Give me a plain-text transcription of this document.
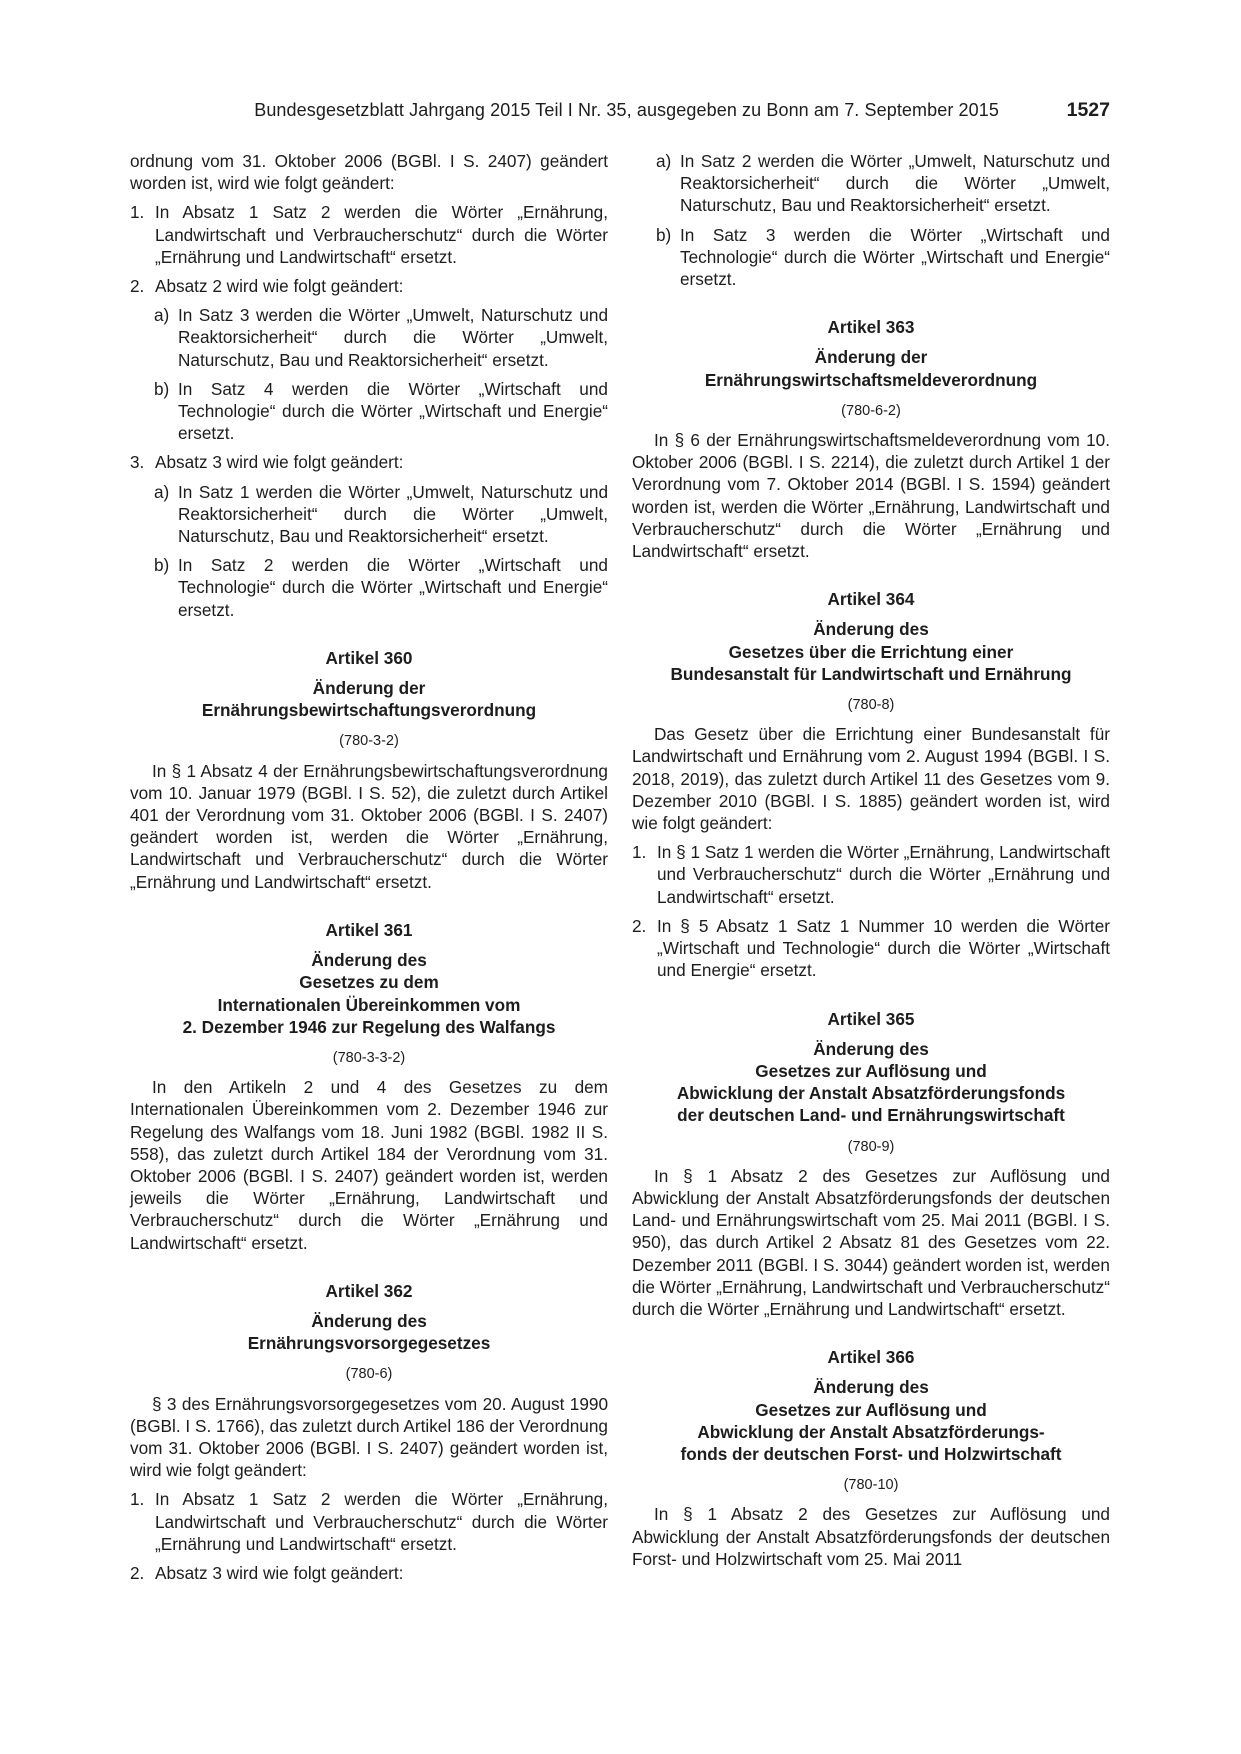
Bundesgesetzblatt Jahrgang 2015 Teil I Nr. 35, ausgegeben zu Bonn am 7. September 2015	1527

ordnung vom 31. Oktober 2006 (BGBl. I S. 2407) geändert worden ist, wird wie folgt geändert:

1. In Absatz 1 Satz 2 werden die Wörter „Ernährung, Landwirtschaft und Verbraucherschutz“ durch die Wörter „Ernährung und Landwirtschaft“ ersetzt.
2. Absatz 2 wird wie folgt geändert:
a) In Satz 3 werden die Wörter „Umwelt, Naturschutz und Reaktorsicherheit“ durch die Wörter „Umwelt, Naturschutz, Bau und Reaktorsicherheit“ ersetzt.
b) In Satz 4 werden die Wörter „Wirtschaft und Technologie“ durch die Wörter „Wirtschaft und Energie“ ersetzt.
3. Absatz 3 wird wie folgt geändert:
a) In Satz 1 werden die Wörter „Umwelt, Naturschutz und Reaktorsicherheit“ durch die Wörter „Umwelt, Naturschutz, Bau und Reaktorsicherheit“ ersetzt.
b) In Satz 2 werden die Wörter „Wirtschaft und Technologie“ durch die Wörter „Wirtschaft und Energie“ ersetzt.
Artikel 360
Änderung der
Ernährungsbewirtschaftungsverordnung
(780-3-2)

In § 1 Absatz 4 der Ernährungsbewirtschaftungsverordnung vom 10. Januar 1979 (BGBl. I S. 52), die zuletzt durch Artikel 401 der Verordnung vom 31. Oktober 2006 (BGBl. I S. 2407) geändert worden ist, werden die Wörter „Ernährung, Landwirtschaft und Verbraucherschutz“ durch die Wörter „Ernährung und Landwirtschaft“ ersetzt.

Artikel 361
Änderung des
Gesetzes zu dem
Internationalen Übereinkommen vom
2. Dezember 1946 zur Regelung des Walfangs
(780-3-3-2)

In den Artikeln 2 und 4 des Gesetzes zu dem Internationalen Übereinkommen vom 2. Dezember 1946 zur Regelung des Walfangs vom 18. Juni 1982 (BGBl. 1982 II S. 558), das zuletzt durch Artikel 184 der Verordnung vom 31. Oktober 2006 (BGBl. I S. 2407) geändert worden ist, werden jeweils die Wörter „Ernährung, Landwirtschaft und Verbraucherschutz“ durch die Wörter „Ernährung und Landwirtschaft“ ersetzt.

Artikel 362
Änderung des
Ernährungsvorsorgegesetzes
(780-6)

§ 3 des Ernährungsvorsorgegesetzes vom 20. August 1990 (BGBl. I S. 1766), das zuletzt durch Artikel 186 der Verordnung vom 31. Oktober 2006 (BGBl. I S. 2407) geändert worden ist, wird wie folgt geändert:

1. In Absatz 1 Satz 2 werden die Wörter „Ernährung, Landwirtschaft und Verbraucherschutz“ durch die Wörter „Ernährung und Landwirtschaft“ ersetzt.
2. Absatz 3 wird wie folgt geändert:
a) In Satz 2 werden die Wörter „Umwelt, Naturschutz und Reaktorsicherheit“ durch die Wörter „Umwelt, Naturschutz, Bau und Reaktorsicherheit“ ersetzt.
b) In Satz 3 werden die Wörter „Wirtschaft und Technologie“ durch die Wörter „Wirtschaft und Energie“ ersetzt.
Artikel 363
Änderung der
Ernährungswirtschaftsmeldeverordnung
(780-6-2)

In § 6 der Ernährungswirtschaftsmeldeverordnung vom 10. Oktober 2006 (BGBl. I S. 2214), die zuletzt durch Artikel 1 der Verordnung vom 7. Oktober 2014 (BGBl. I S. 1594) geändert worden ist, werden die Wörter „Ernährung, Landwirtschaft und Verbraucherschutz“ durch die Wörter „Ernährung und Landwirtschaft“ ersetzt.

Artikel 364
Änderung des
Gesetzes über die Errichtung einer
Bundesanstalt für Landwirtschaft und Ernährung
(780-8)

Das Gesetz über die Errichtung einer Bundesanstalt für Landwirtschaft und Ernährung vom 2. August 1994 (BGBl. I S. 2018, 2019), das zuletzt durch Artikel 11 des Gesetzes vom 9. Dezember 2010 (BGBl. I S. 1885) geändert worden ist, wird wie folgt geändert:

1. In § 1 Satz 1 werden die Wörter „Ernährung, Landwirtschaft und Verbraucherschutz“ durch die Wörter „Ernährung und Landwirtschaft“ ersetzt.
2. In § 5 Absatz 1 Satz 1 Nummer 10 werden die Wörter „Wirtschaft und Technologie“ durch die Wörter „Wirtschaft und Energie“ ersetzt.
Artikel 365
Änderung des
Gesetzes zur Auflösung und
Abwicklung der Anstalt Absatzförderungsfonds
der deutschen Land- und Ernährungswirtschaft
(780-9)

In § 1 Absatz 2 des Gesetzes zur Auflösung und Abwicklung der Anstalt Absatzförderungsfonds der deutschen Land- und Ernährungswirtschaft vom 25. Mai 2011 (BGBl. I S. 950), das durch Artikel 2 Absatz 81 des Gesetzes vom 22. Dezember 2011 (BGBl. I S. 3044) geändert worden ist, werden die Wörter „Ernährung, Landwirtschaft und Verbraucherschutz“ durch die Wörter „Ernährung und Landwirtschaft“ ersetzt.

Artikel 366
Änderung des
Gesetzes zur Auflösung und
Abwicklung der Anstalt Absatzförderungs-
fonds der deutschen Forst- und Holzwirtschaft
(780-10)

In § 1 Absatz 2 des Gesetzes zur Auflösung und Abwicklung der Anstalt Absatzförderungsfonds der deutschen Forst- und Holzwirtschaft vom 25. Mai 2011
